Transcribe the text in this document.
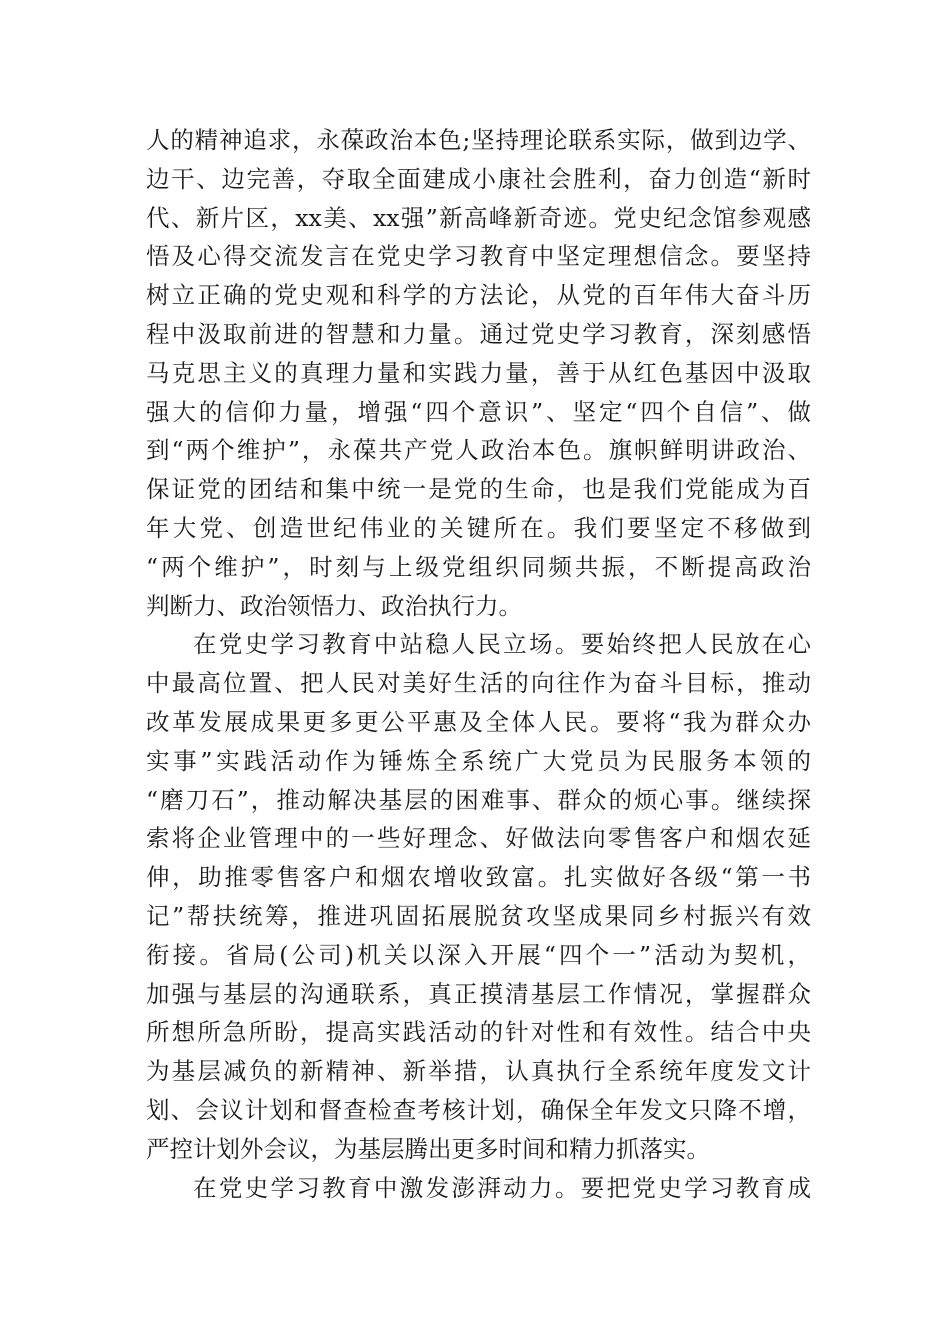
人的精神追求，永葆政治本色;坚持理论联系实际，做到边学、
边干、边完善，夺取全面建成小康社会胜利，奋力创造“新时
代、新片区，xx美、xx强”新高峰新奇迹。党史纪念馆参观感
悟及心得交流发言在党史学习教育中坚定理想信念。要坚持
树立正确的党史观和科学的方法论，从党的百年伟大奋斗历
程中汲取前进的智慧和力量。通过党史学习教育，深刻感悟
马克思主义的真理力量和实践力量，善于从红色基因中汲取
强大的信仰力量，增强“四个意识”、坚定“四个自信”、做
到“两个维护”，永葆共产党人政治本色。旗帜鲜明讲政治、
保证党的团结和集中统一是党的生命，也是我们党能成为百
年大党、创造世纪伟业的关键所在。我们要坚定不移做到
“两个维护”，时刻与上级党组织同频共振，不断提高政治
判断力、政治领悟力、政治执行力。
在党史学习教育中站稳人民立场。要始终把人民放在心
中最高位置、把人民对美好生活的向往作为奋斗目标，推动
改革发展成果更多更公平惠及全体人民。要将“我为群众办
实事”实践活动作为锤炼全系统广大党员为民服务本领的
“磨刀石”，推动解决基层的困难事、群众的烦心事。继续探
索将企业管理中的一些好理念、好做法向零售客户和烟农延
伸，助推零售客户和烟农增收致富。扎实做好各级“第一书
记”帮扶统筹，推进巩固拓展脱贫攻坚成果同乡村振兴有效
衔接。省局(公司)机关以深入开展“四个一”活动为契机，
加强与基层的沟通联系，真正摸清基层工作情况，掌握群众
所想所急所盼，提高实践活动的针对性和有效性。结合中央
为基层减负的新精神、新举措，认真执行全系统年度发文计
划、会议计划和督查检查考核计划，确保全年发文只降不增，
严控计划外会议，为基层腾出更多时间和精力抓落实。
在党史学习教育中激发澎湃动力。要把党史学习教育成
